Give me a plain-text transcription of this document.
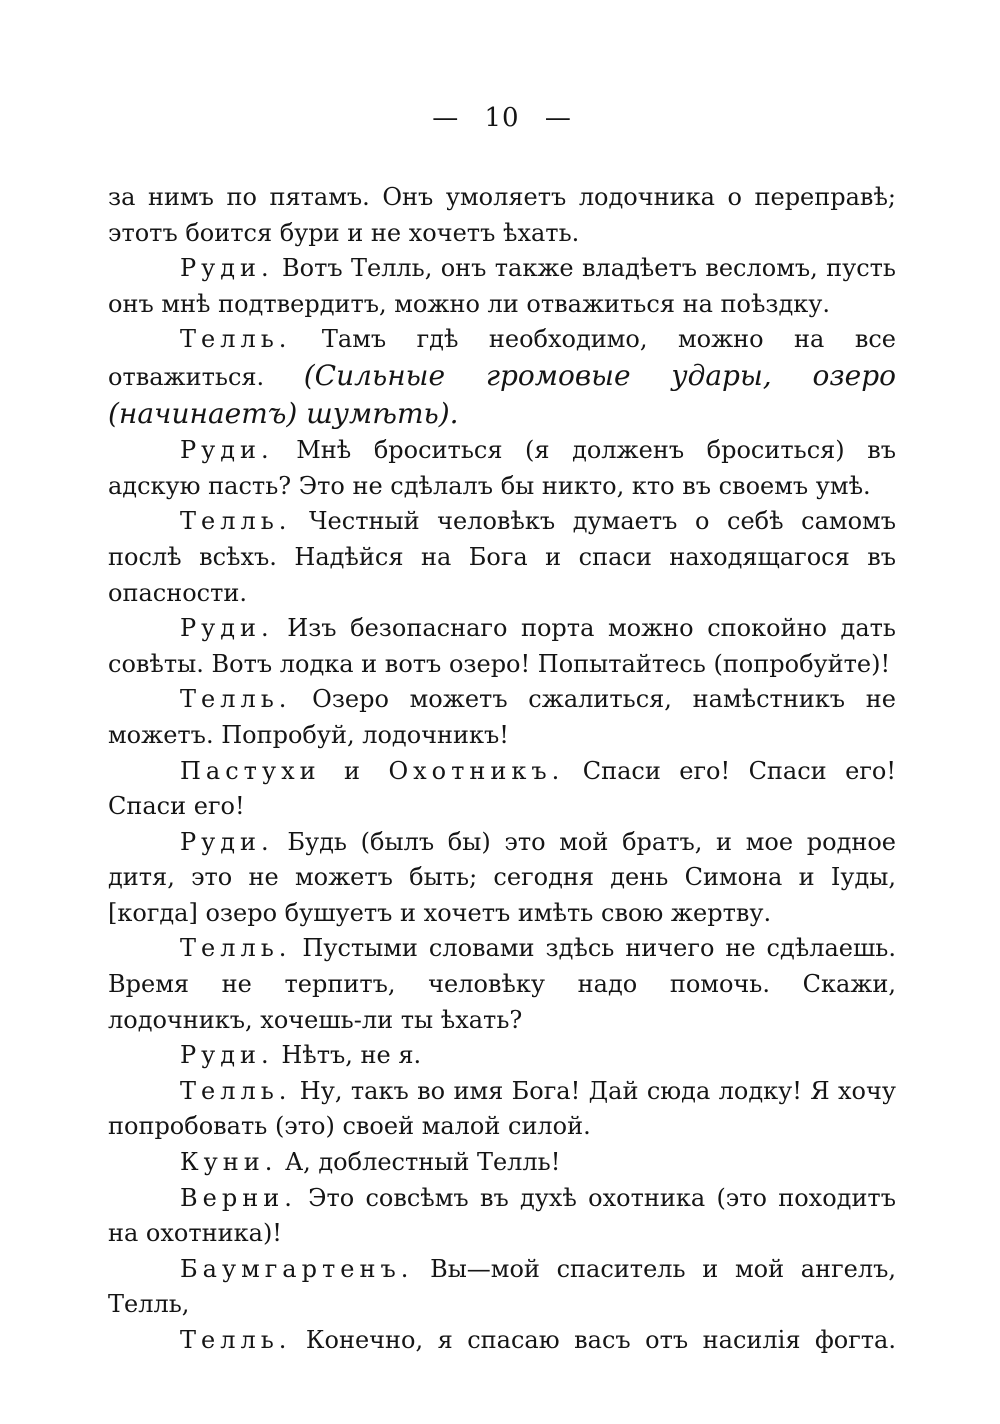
— 10 —

за нимъ по пятамъ. Онъ умоляетъ лодочника о переправѣ; этотъ боится бури и не хочетъ ѣхать.

Руди. Вотъ Телль, онъ также владѣетъ весломъ, пусть онъ мнѣ подтвердитъ, можно ли отважиться на поѣздку.

Телль. Тамъ гдѣ необходимо, можно на все отважиться. (Сильные громовые удары, озеро (начинаетъ) шумѣть).

Руди. Мнѣ броситься (я долженъ броситься) въ адскую пасть? Это не сдѣлалъ бы никто, кто въ своемъ умѣ.

Телль. Честный человѣкъ думаетъ о себѣ самомъ послѣ всѣхъ. Надѣйся на Бога и спаси находящагося въ опасности.

Руди. Изъ безопаснаго порта можно спокойно дать совѣты. Вотъ лодка и вотъ озеро! Попытайтесь (попробуйте)!

Телль. Озеро можетъ сжалиться, намѣстникъ не можетъ. Попробуй, лодочникъ!

Пастухи и Охотникъ. Спаси его! Спаси его! Спаси его!

Руди. Будь (былъ бы) это мой братъ, и мое родное дитя, это не можетъ быть; сегодня день Симона и Іуды, [когда] озеро бушуетъ и хочетъ имѣть свою жертву.

Телль. Пустыми словами здѣсь ничего не сдѣлаешь. Время не терпитъ, человѣку надо помочь. Скажи, лодочникъ, хочешь-ли ты ѣхать?

Руди. Нѣтъ, не я.

Телль. Ну, такъ во имя Бога! Дай сюда лодку! Я хочу попробовать (это) своей малой силой.

Куни. А, доблестный Телль!

Верни. Это совсѣмъ въ духѣ охотника (это походитъ на охотника)!

Баумгартенъ. Вы—мой спаситель и мой ангелъ, Телль,

Телль. Конечно, я спасаю васъ отъ насилія фогта.
